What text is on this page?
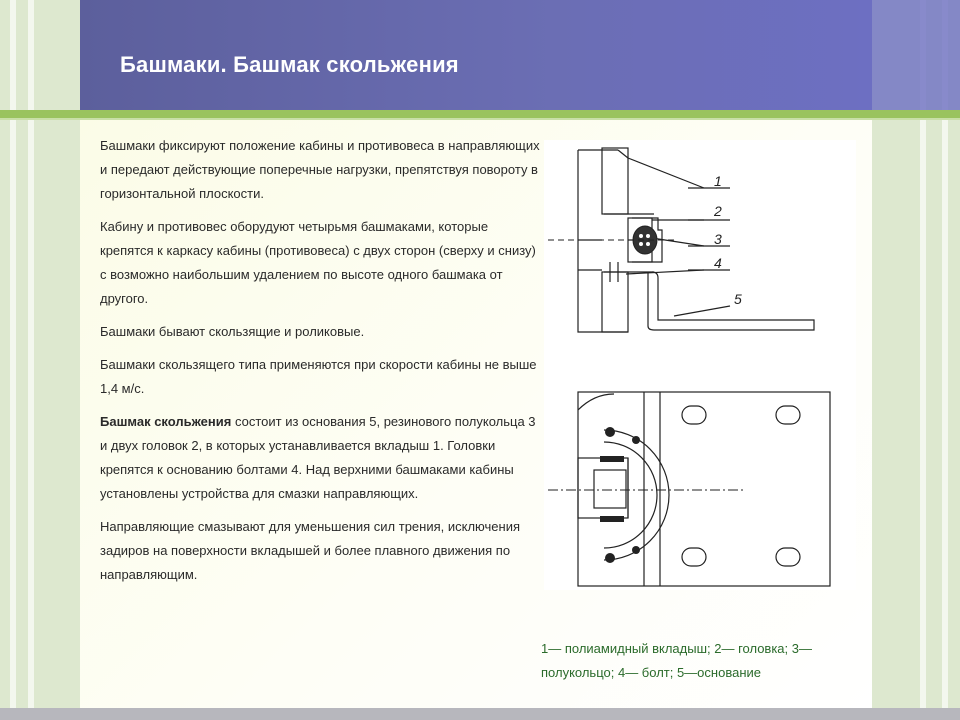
Башмаки. Башмак скольжения

Башмаки фиксируют положение кабины и противовеса в направляющих и передают действующие поперечные нагрузки, препятствуя повороту в горизонтальной плоскости.

Кабину и противовес оборудуют четырьмя башмаками, которые крепятся к каркасу кабины (противовеса) с двух сторон (сверху и снизу) с возможно наибольшим удалением по высоте одного башмака от другого.

Башмаки бывают скользящие и роликовые.

Башмаки скользящего типа применяются при скорости кабины не выше 1,4 м/с.

Башмак скольжения состоит из основания 5, резинового полукольца 3 и двух головок 2, в которых устанавливается вкладыш 1. Головки крепятся к основанию болтами 4. Над верхними башмаками кабины установлены устройства для смазки направляющих.

Направляющие смазывают для уменьшения сил трения, исключения задиров на поверхности вкладышей и более плавного движения по направляющим.

1
2
3
4
5
1— полиамидный вкладыш; 2— головка; 3— полукольцо; 4— болт; 5—основание
